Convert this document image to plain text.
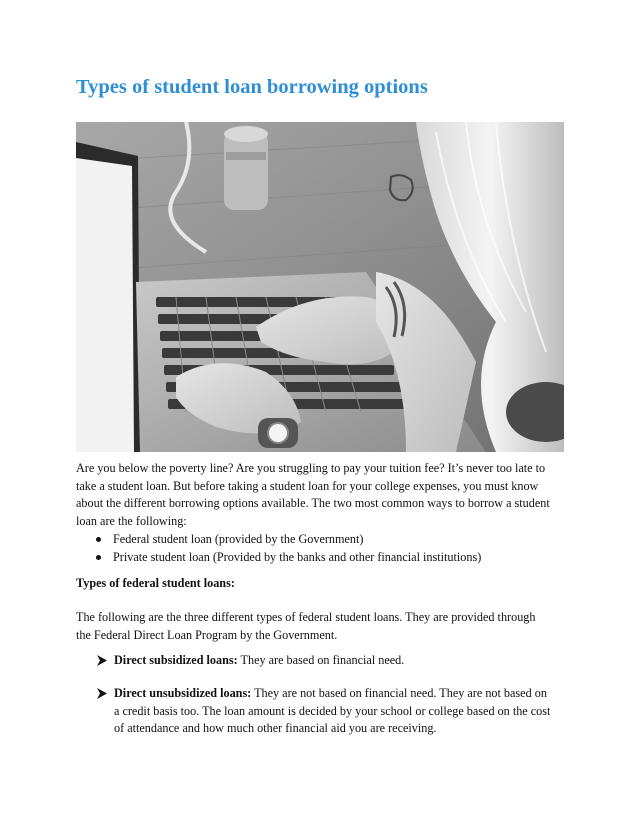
Types of student loan borrowing options

Are you below the poverty line? Are you struggling to pay your tuition fee? It’s never too late to
take a student loan. But before taking a student loan for your college expenses, you must know
about the different borrowing options available. The two most common ways to borrow a student
loan are the following:

Federal student loan (provided by the Government)
Private student loan (Provided by the banks and other financial institutions)
Types of federal student loans:

The following are the three different types of federal student loans. They are provided through
the Federal Direct Loan Program by the Government.

Direct subsidized loans: They are based on financial need.
Direct unsubsidized loans: They are not based on financial need. They are not based on
a credit basis too. The loan amount is decided by your school or college based on the cost
of attendance and how much other financial aid you are receiving.
